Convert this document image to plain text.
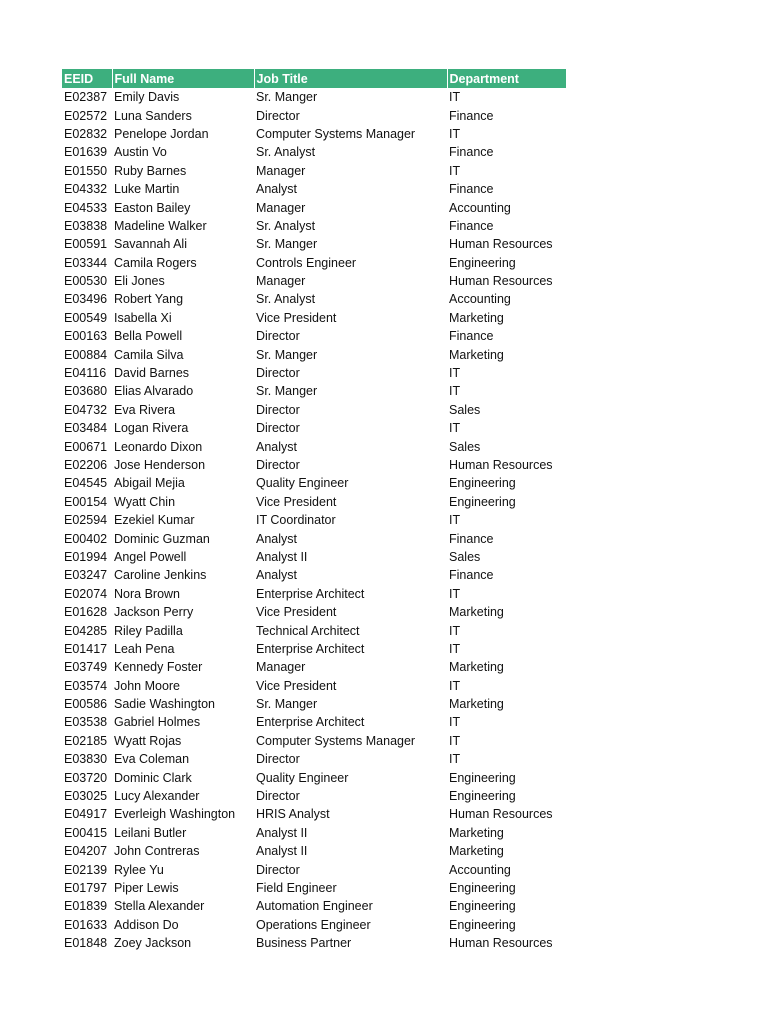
EEID	Full Name	Job Title	Department
E02387	Emily Davis	Sr. Manger	IT
E02572	Luna Sanders	Director	Finance
E02832	Penelope Jordan	Computer Systems Manager	IT
E01639	Austin Vo	Sr. Analyst	Finance
E01550	Ruby Barnes	Manager	IT
E04332	Luke Martin	Analyst	Finance
E04533	Easton Bailey	Manager	Accounting
E03838	Madeline Walker	Sr. Analyst	Finance
E00591	Savannah Ali	Sr. Manger	Human Resources
E03344	Camila Rogers	Controls Engineer	Engineering
E00530	Eli Jones	Manager	Human Resources
E03496	Robert Yang	Sr. Analyst	Accounting
E00549	Isabella Xi	Vice President	Marketing
E00163	Bella Powell	Director	Finance
E00884	Camila Silva	Sr. Manger	Marketing
E04116	David Barnes	Director	IT
E03680	Elias Alvarado	Sr. Manger	IT
E04732	Eva Rivera	Director	Sales
E03484	Logan Rivera	Director	IT
E00671	Leonardo Dixon	Analyst	Sales
E02206	Jose Henderson	Director	Human Resources
E04545	Abigail Mejia	Quality Engineer	Engineering
E00154	Wyatt Chin	Vice President	Engineering
E02594	Ezekiel Kumar	IT Coordinator	IT
E00402	Dominic Guzman	Analyst	Finance
E01994	Angel Powell	Analyst II	Sales
E03247	Caroline Jenkins	Analyst	Finance
E02074	Nora Brown	Enterprise Architect	IT
E01628	Jackson Perry	Vice President	Marketing
E04285	Riley Padilla	Technical Architect	IT
E01417	Leah Pena	Enterprise Architect	IT
E03749	Kennedy Foster	Manager	Marketing
E03574	John Moore	Vice President	IT
E00586	Sadie Washington	Sr. Manger	Marketing
E03538	Gabriel Holmes	Enterprise Architect	IT
E02185	Wyatt Rojas	Computer Systems Manager	IT
E03830	Eva Coleman	Director	IT
E03720	Dominic Clark	Quality Engineer	Engineering
E03025	Lucy Alexander	Director	Engineering
E04917	Everleigh Washington	HRIS Analyst	Human Resources
E00415	Leilani Butler	Analyst II	Marketing
E04207	John Contreras	Analyst II	Marketing
E02139	Rylee Yu	Director	Accounting
E01797	Piper Lewis	Field Engineer	Engineering
E01839	Stella Alexander	Automation Engineer	Engineering
E01633	Addison Do	Operations Engineer	Engineering
E01848	Zoey Jackson	Business Partner	Human Resources
